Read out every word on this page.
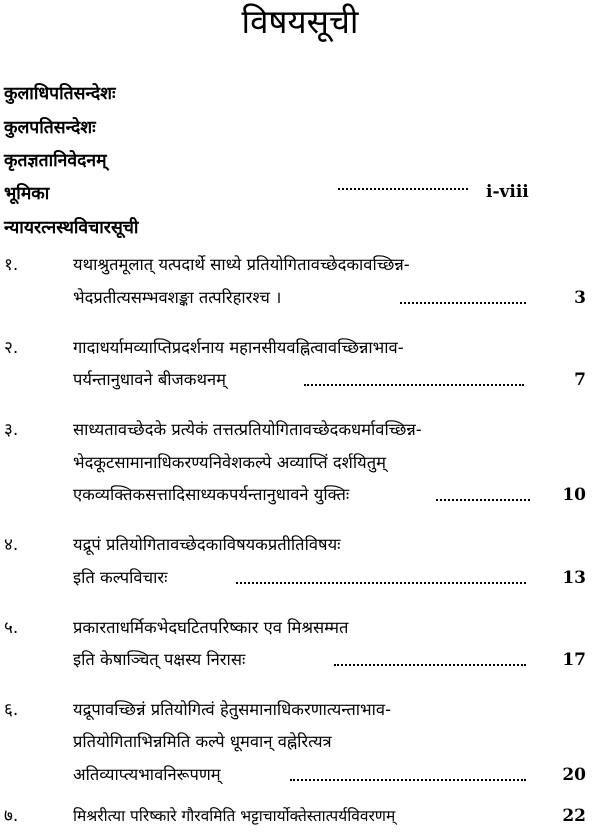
विषयसूची
कुलाधिपतिसन्देशः
कुलपतिसन्देशः
कृतज्ञतानिवेदनम्
भूमिका	i-viii
न्यायरत्नस्थविचारसूची
१.	यथाश्रुतमूलात् यत्पदार्थे साध्ये प्रतियोगितावच्छेदकावच्छिन्न-
भेदप्रतीत्यसम्भवशङ्का तत्परिहारश्च ।	3
२.	गादाधर्यामव्याप्तिप्रदर्शनाय महानसीयवह्नित्वावच्छिन्नाभाव-
पर्यन्तानुधावने बीजकथनम्	7
३.	साध्यतावच्छेदके प्रत्येकं तत्तत्प्रतियोगितावच्छेदकधर्मावच्छिन्न-
भेदकूटसामानाधिकरण्यनिवेशकल्पे अव्याप्तिं दर्शयितुम्
एकव्यक्तिकसत्तादिसाध्यकपर्यन्तानुधावने युक्तिः	10
४.	यद्रूपं प्रतियोगितावच्छेदकाविषयकप्रतीतिविषयः
इति कल्पविचारः	13
५.	प्रकारताधर्मिकभेदघटितपरिष्कार एव मिश्रसम्मत
इति केषाञ्चित् पक्षस्य निरासः	17
६.	यद्रूपावच्छिन्नं प्रतियोगित्वं हेतुसमानाधिकरणात्यन्ताभाव-
प्रतियोगिताभिन्नमिति कल्पे धूमवान् वह्नेरित्यत्र
अतिव्याप्त्यभावनिरूपणम्	20
७.	मिश्ररीत्या परिष्कारे गौरवमिति भट्टाचार्योक्तेस्तात्पर्यविवरणम्	22
